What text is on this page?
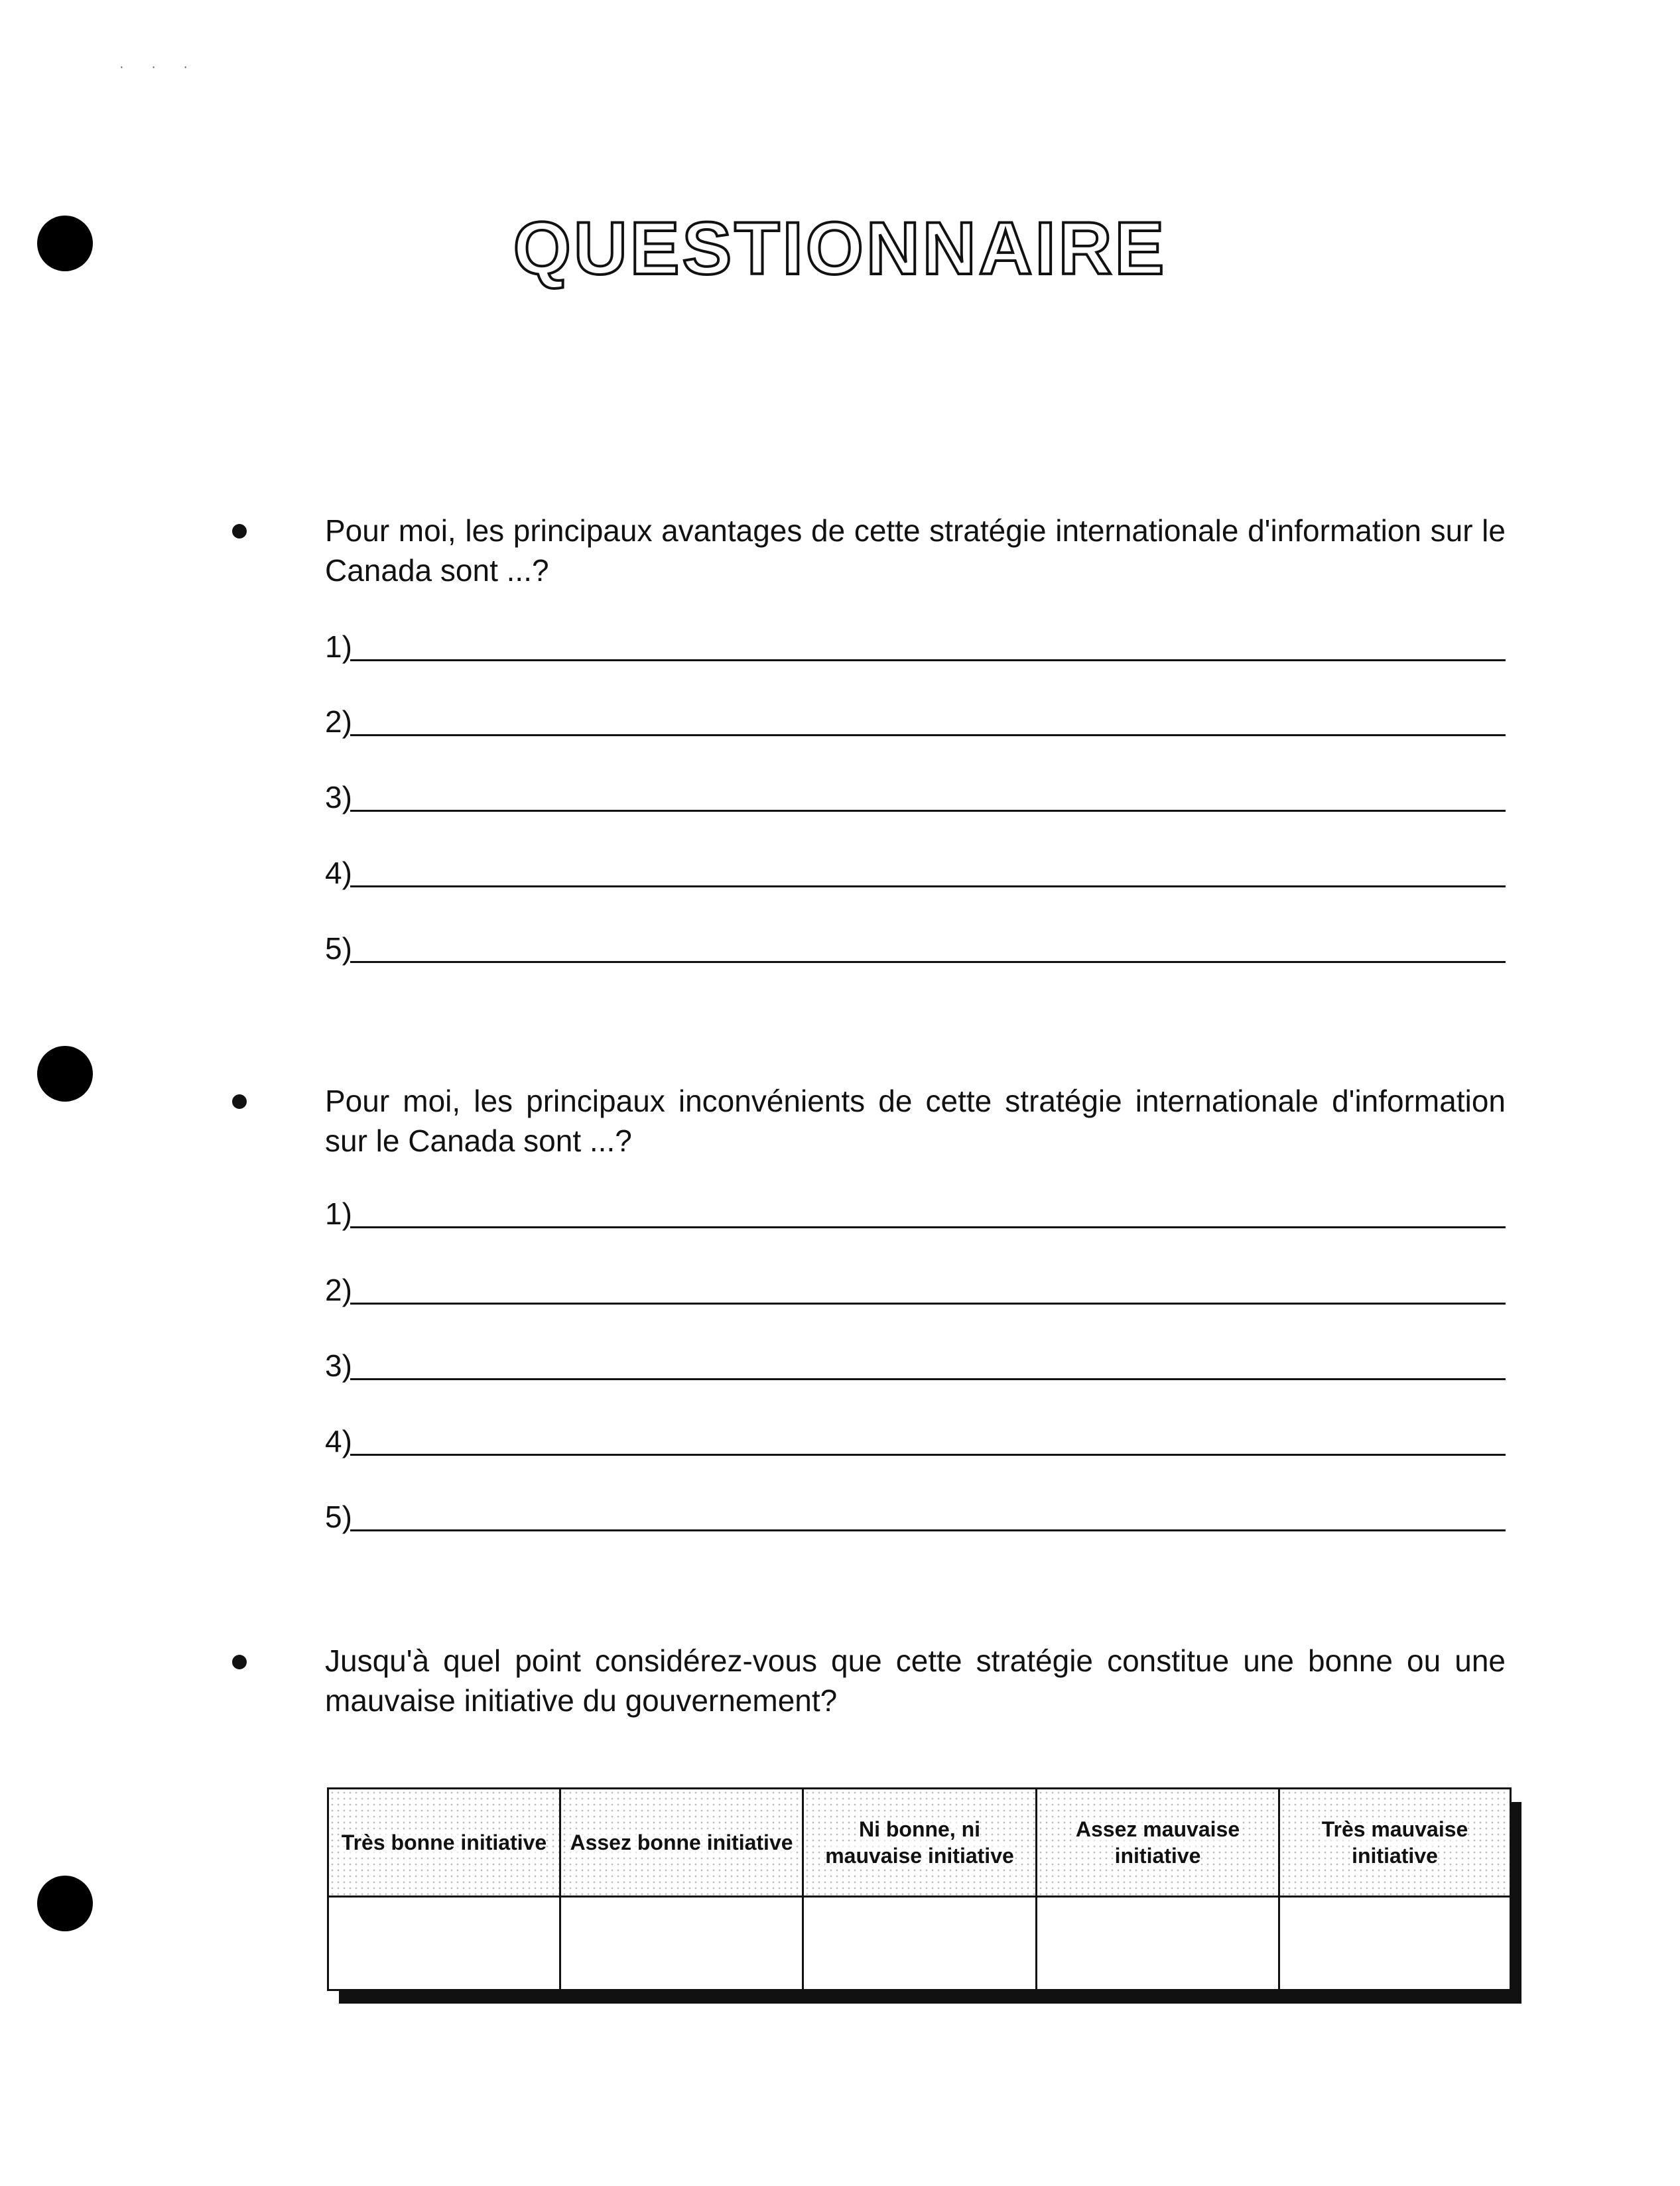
· · ·
QUESTIONNAIRE
Pour moi, les principaux avantages de cette stratégie internationale d'information sur le Canada sont ...?
1)
2)
3)
4)
5)
Pour moi, les principaux inconvénients de cette stratégie internationale d'information sur le Canada sont ...?
1)
2)
3)
4)
5)
Jusqu'à quel point considérez-vous que cette stratégie constitue une bonne ou une mauvaise initiative du gouvernement?
Très bonne initiative	Assez bonne initiative	Ni bonne, ni mauvaise initiative	Assez mauvaise initiative	Très mauvaise initiative
